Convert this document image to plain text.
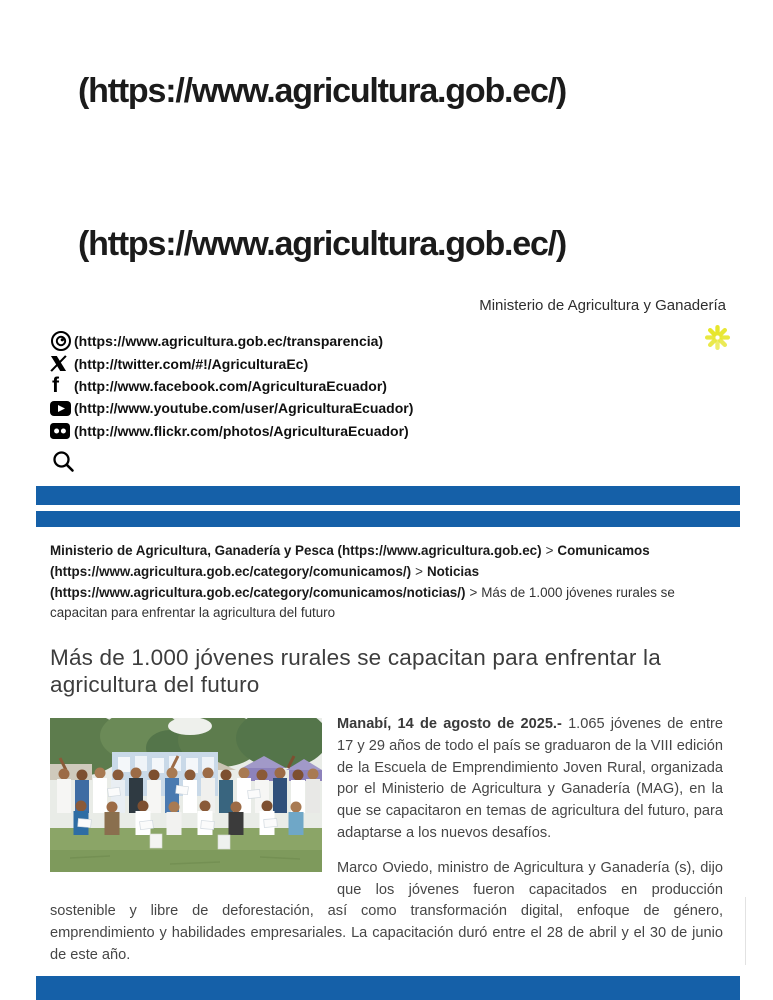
(https://www.agricultura.gob.ec/)
(https://www.agricultura.gob.ec/)
Ministerio de Agricultura y Ganadería
(https://www.agricultura.gob.ec/transparencia)
(http://twitter.com/#!/AgriculturaEc)
f (http://www.facebook.com/AgriculturaEcuador)
(http://www.youtube.com/user/AgriculturaEcuador)
(http://www.flickr.com/photos/AgriculturaEcuador)
Ministerio de Agricultura, Ganadería y Pesca (https://www.agricultura.gob.ec) > Comunicamos (https://www.agricultura.gob.ec/category/comunicamos/) > Noticias (https://www.agricultura.gob.ec/category/comunicamos/noticias/) > Más de 1.000 jóvenes rurales se capacitan para enfrentar la agricultura del futuro
Más de 1.000 jóvenes rurales se capacitan para enfrentar la agricultura del futuro

Manabí, 14 de agosto de 2025.- 1.065 jóvenes de entre 17 y 29 años de todo el país se graduaron de la VIII edición de la Escuela de Emprendimiento Joven Rural, organizada por el Ministerio de Agricultura y Ganadería (MAG), en la que se capacitaron en temas de agricultura del futuro, para adaptarse a los nuevos desafíos.

Marco Oviedo, ministro de Agricultura y Ganadería (s), dijo que los jóvenes fueron capacitados en producción sostenible y libre de deforestación, así como transformación digital, enfoque de género, emprendimiento y habilidades empresariales. La capacitación duró entre el 28 de abril y el 30 de junio de este año.
